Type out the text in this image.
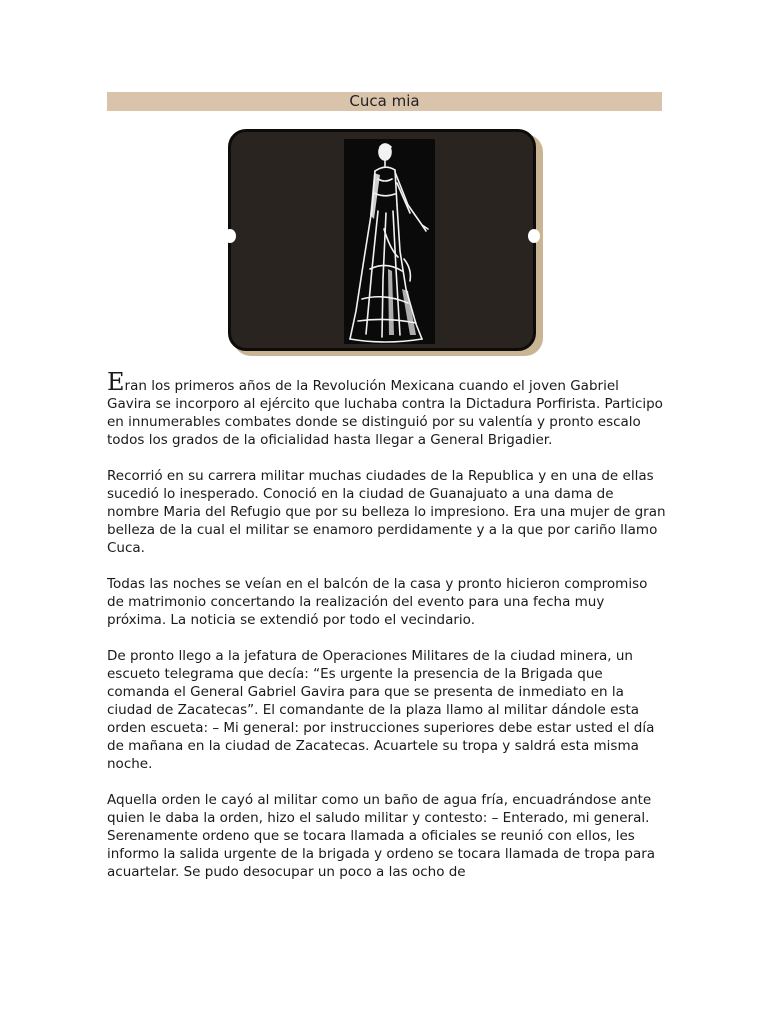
Cuca mia

Eran los primeros años de la Revolución Mexicana cuando el joven Gabriel Gavira se incorporo al ejército que luchaba contra la Dictadura Porfirista. Participo en innumerables combates donde se distinguió por su valentía y pronto escalo todos los grados de la oficialidad hasta llegar a General Brigadier.

Recorrió en su carrera militar muchas ciudades de la Republica y en una de ellas sucedió lo inesperado. Conoció en la ciudad de Guanajuato a una dama de nombre Maria del Refugio que por su belleza lo impresiono. Era una mujer de gran belleza de la cual el militar se enamoro perdidamente y a la que por cariño llamo Cuca.

Todas las noches se veían en el balcón de la casa y pronto hicieron compromiso de matrimonio concertando la realización del evento para una fecha muy próxima. La noticia se extendió por todo el vecindario.

De pronto llego a la jefatura de Operaciones Militares de la ciudad minera, un escueto telegrama que decía: “Es urgente la presencia de la Brigada que comanda el General Gabriel Gavira para que se presenta de inmediato en la ciudad de Zacatecas”. El comandante de la plaza llamo al militar dándole esta orden escueta: – Mi general: por instrucciones superiores debe estar usted el día de mañana en la ciudad de Zacatecas. Acuartele su tropa y saldrá esta misma noche.

Aquella orden le cayó al militar como un baño de agua fría, encuadrándose ante quien le daba la orden, hizo el saludo militar y contesto: – Enterado, mi general. Serenamente ordeno que se tocara llamada a oficiales se reunió con ellos, les informo la salida urgente de la brigada y ordeno se tocara llamada de tropa para acuartelar. Se pudo desocupar un poco a las ocho de
